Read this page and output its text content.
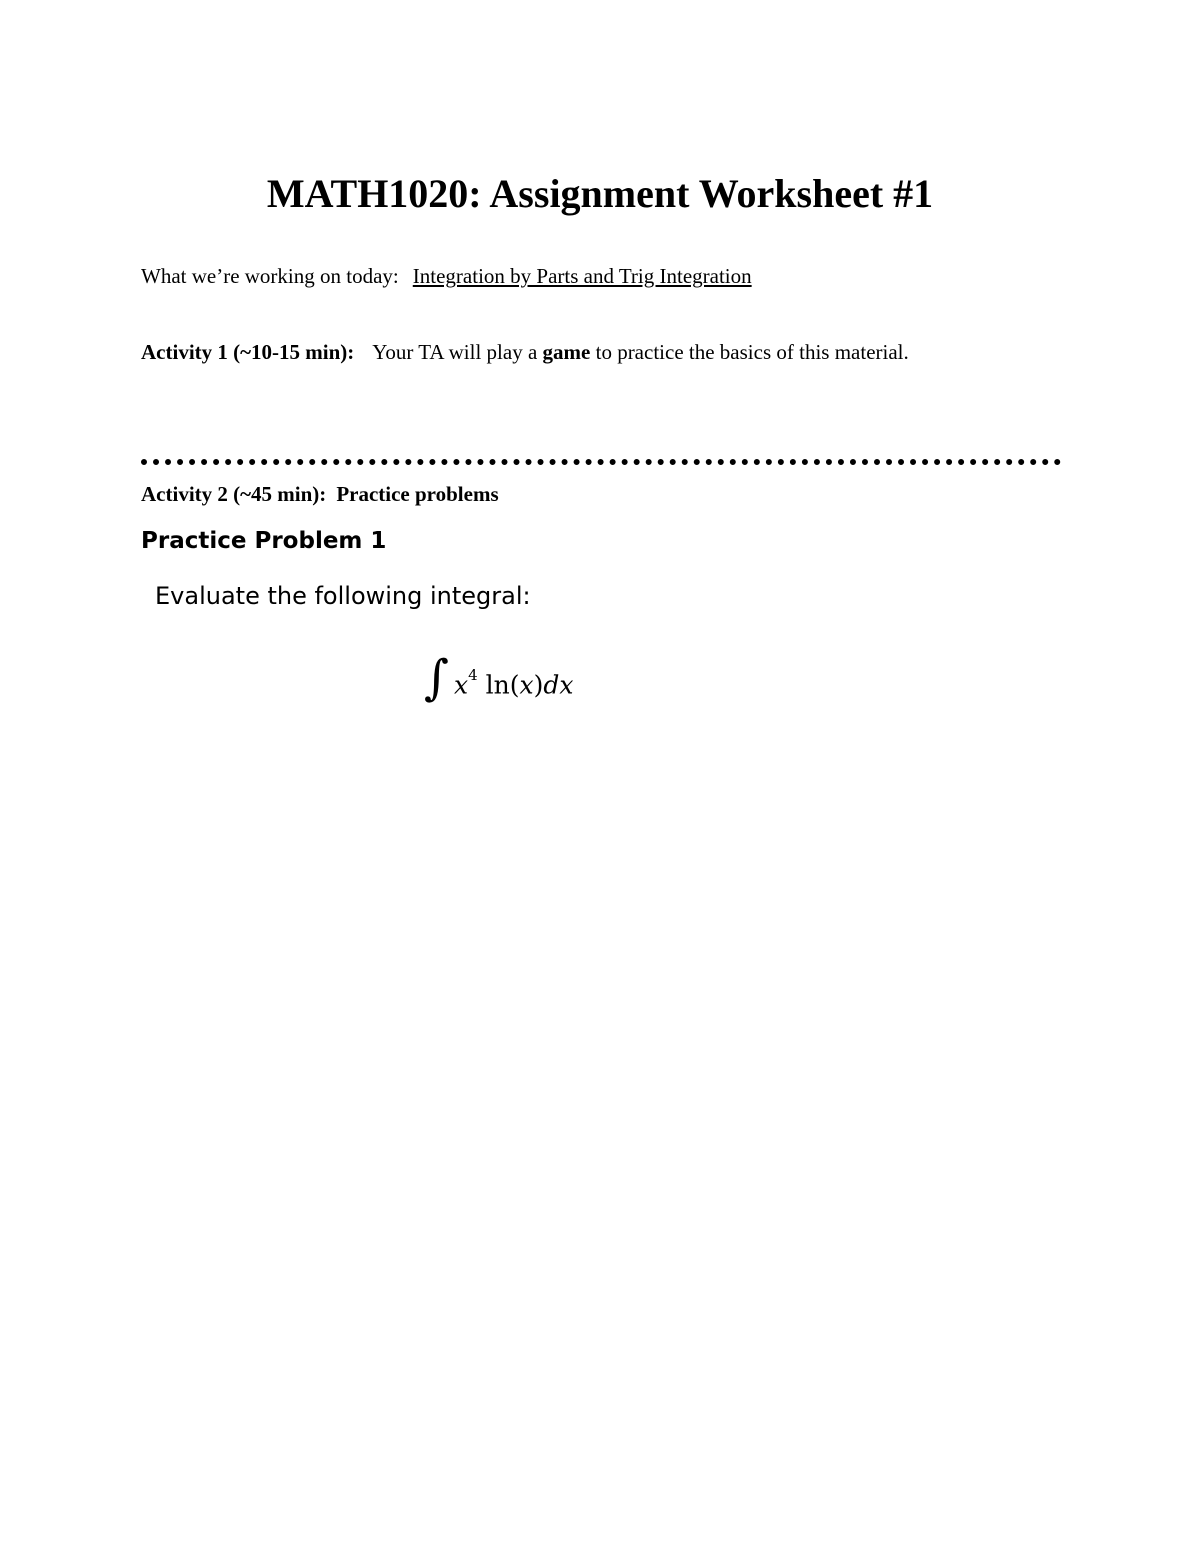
MATH1020: Assignment Worksheet #1
What we’re working on today: Integration by Parts and Trig Integration
Activity 1 (~10-15 min): Your TA will play a game to practice the basics of this material.
Activity 2 (~45 min): Practice problems
Practice Problem 1
Evaluate the following integral:
∫ $x^4$ ln(x)dx
